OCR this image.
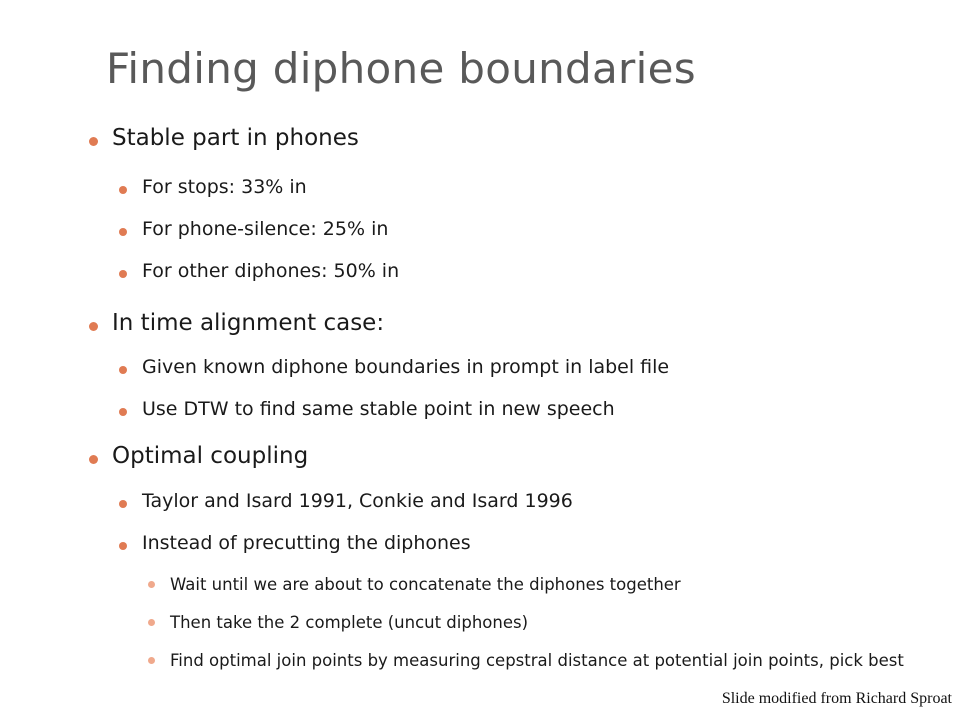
Finding diphone boundaries
Stable part in phones
For stops: 33% in
For phone-silence: 25% in
For other diphones: 50% in
In time alignment case:
Given known diphone boundaries in prompt in label file
Use DTW to find same stable point in new speech
Optimal coupling
Taylor and Isard 1991, Conkie and Isard 1996
Instead of precutting the diphones
Wait until we are about to concatenate the diphones together
Then take the 2 complete (uncut diphones)
Find optimal join points by measuring cepstral distance at potential join points, pick best
Slide modified from Richard Sproat
